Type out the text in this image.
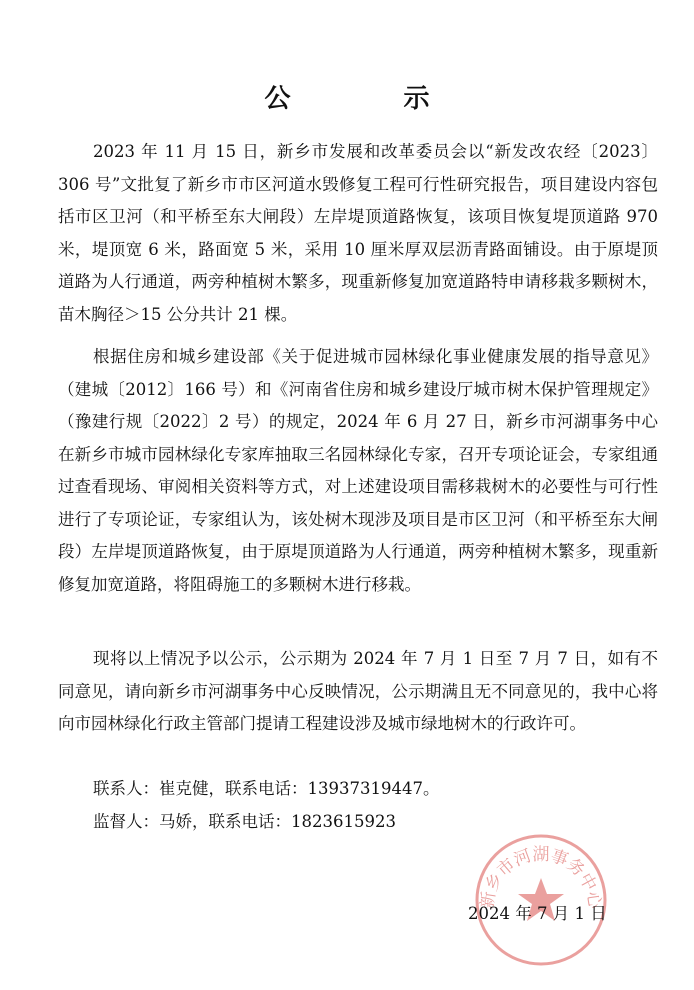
公 示

2023 年 11 月 15 日，新乡市发展和改革委员会以“新发改农经〔2023〕306 号”文批复了新乡市市区河道水毁修复工程可行性研究报告，项目建设内容包括市区卫河（和平桥至东大闸段）左岸堤顶道路恢复，该项目恢复堤顶道路 970 米，堤顶宽 6 米，路面宽 5 米，采用 10 厘米厚双层沥青路面铺设。由于原堤顶道路为人行通道，两旁种植树木繁多，现重新修复加宽道路特申请移栽多颗树木，苗木胸径＞15 公分共计 21 棵。

根据住房和城乡建设部《关于促进城市园林绿化事业健康发展的指导意见》（建城〔2012〕166 号）和《河南省住房和城乡建设厅城市树木保护管理规定》（豫建行规〔2022〕2 号）的规定，2024 年 6 月 27 日，新乡市河湖事务中心在新乡市城市园林绿化专家库抽取三名园林绿化专家，召开专项论证会，专家组通过查看现场、审阅相关资料等方式，对上述建设项目需移栽树木的必要性与可行性进行了专项论证，专家组认为，该处树木现涉及项目是市区卫河（和平桥至东大闸段）左岸堤顶道路恢复，由于原堤顶道路为人行通道，两旁种植树木繁多，现重新修复加宽道路，将阻碍施工的多颗树木进行移栽。

现将以上情况予以公示，公示期为 2024 年 7 月 1 日至 7 月 7 日，如有不同意见，请向新乡市河湖事务中心反映情况，公示期满且无不同意见的，我中心将向市园林绿化行政主管部门提请工程建设涉及城市绿地树木的行政许可。

联系人：崔克健，联系电话：13937319447。
监督人：马娇，联系电话：1823615923
新乡市河湖事务中心
2024 年 7 月 1 日
